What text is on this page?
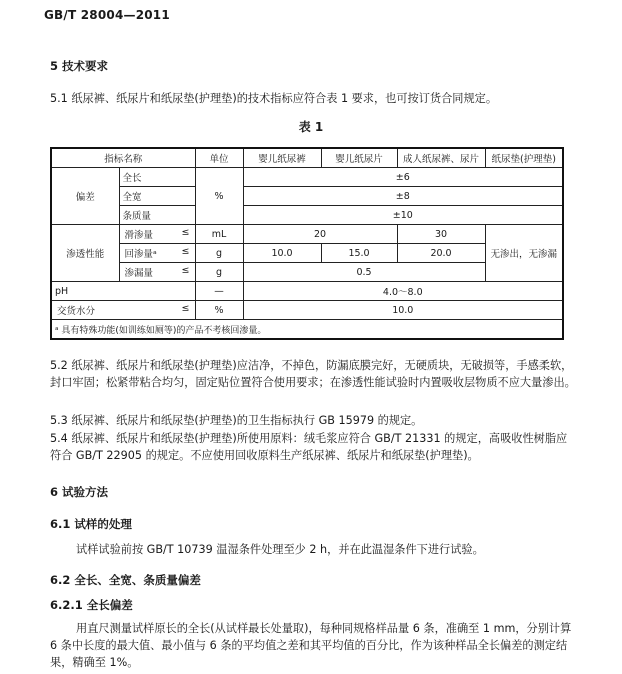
GB/T 28004—2011
5 技术要求
5.1 纸尿裤、纸尿片和纸尿垫(护理垫)的技术指标应符合表 1 要求，也可按订货合同规定。
表 1
指标名称		单位	婴儿纸尿裤	婴儿纸尿片	成人纸尿裤、尿片	纸尿垫(护理垫)
偏差	全长	%	±6			
	全宽		±8			
	条质量		±10			
渗透性能	滑渗量 ≤	mL	20		30	无渗出，无渗漏

	回渗量ᵃ ≤	g	10.0	15.0	20.0	

	渗漏量 ≤	g	0.5			
pH		—	4.0～8.0			

交货水分 ≤		%	10.0			
ᵃ 具有特殊功能(如训练如厕等)的产品不考核回渗量。						
5.2 纸尿裤、纸尿片和纸尿垫(护理垫)应洁净，不掉色，防漏底膜完好，无硬质块，无破损等，手感柔软，封口牢固；松紧带粘合均匀，固定贴位置符合使用要求；在渗透性能试验时内置吸收层物质不应大量渗出。
5.3 纸尿裤、纸尿片和纸尿垫(护理垫)的卫生指标执行 GB 15979 的规定。
5.4 纸尿裤、纸尿片和纸尿垫(护理垫)所使用原料：绒毛浆应符合 GB/T 21331 的规定，高吸收性树脂应符合 GB/T 22905 的规定。不应使用回收原料生产纸尿裤、纸尿片和纸尿垫(护理垫)。
6 试验方法
6.1 试样的处理
试样试验前按 GB/T 10739 温湿条件处理至少 2 h，并在此温湿条件下进行试验。
6.2 全长、全宽、条质量偏差
6.2.1 全长偏差
用直尺测量试样原长的全长(从试样最长处量取)，每种同规格样品量 6 条，准确至 1 mm，分别计算 6 条中长度的最大值、最小值与 6 条的平均值之差和其平均值的百分比，作为该种样品全长偏差的测定结果，精确至 1%。
